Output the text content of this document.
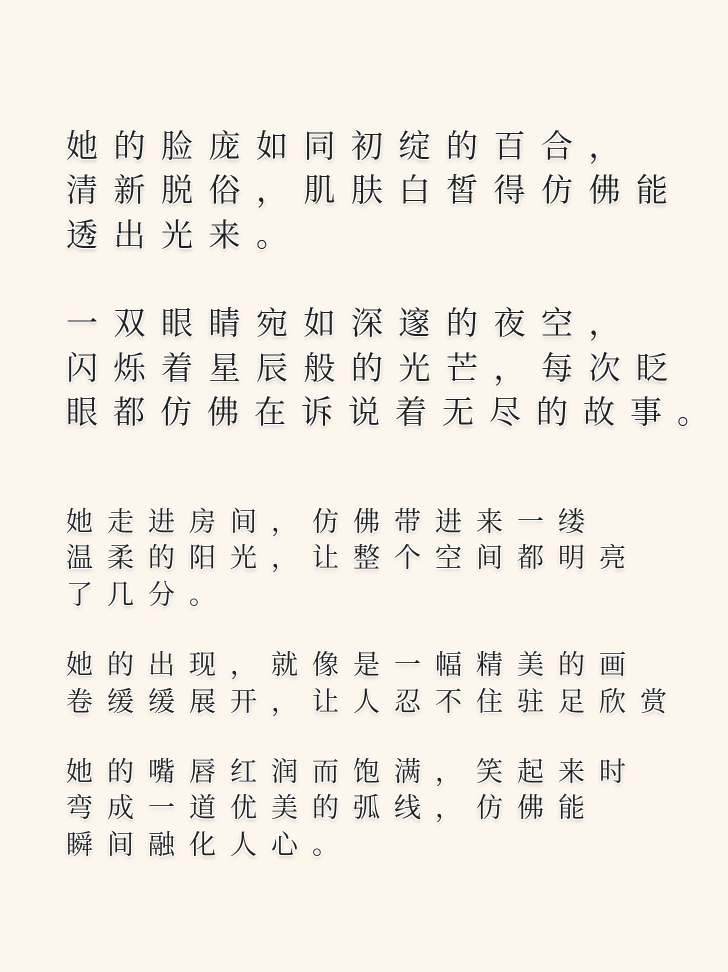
她的脸庞如同初绽的百合，
清新脱俗，肌肤白皙得仿佛能
透出光来。
一双眼睛宛如深邃的夜空，
闪烁着星辰般的光芒，每次眨
眼都仿佛在诉说着无尽的故事。
她走进房间，仿佛带进来一缕
温柔的阳光，让整个空间都明亮
了几分。
她的出现，就像是一幅精美的画
卷缓缓展开，让人忍不住驻足欣赏
她的嘴唇红润而饱满，笑起来时
弯成一道优美的弧线，仿佛能
瞬间融化人心。
